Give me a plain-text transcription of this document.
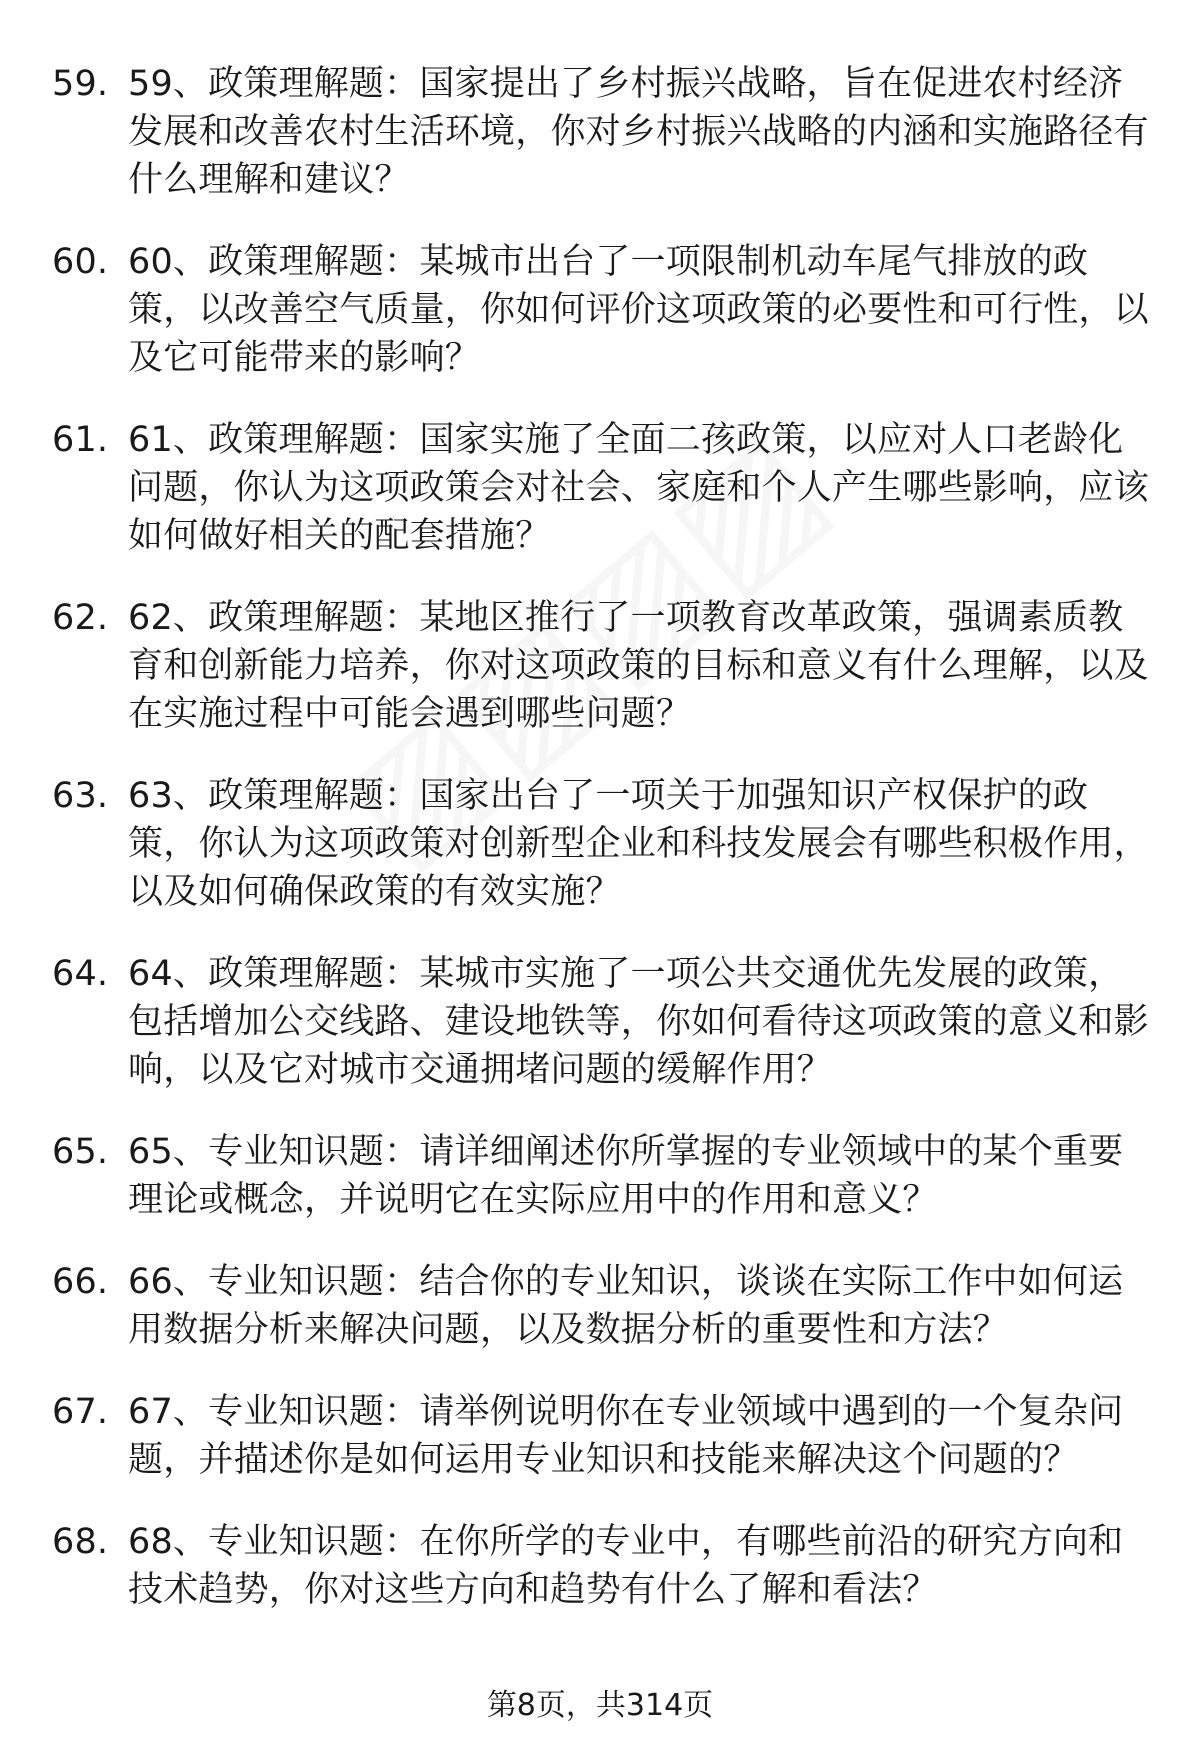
59. 59、政策理解题：国家提出了乡村振兴战略，旨在促进农村经济发展和改善农村生活环境，你对乡村振兴战略的内涵和实施路径有什么理解和建议？
60. 60、政策理解题：某城市出台了一项限制机动车尾气排放的政策，以改善空气质量，你如何评价这项政策的必要性和可行性，以及它可能带来的影响？
61. 61、政策理解题：国家实施了全面二孩政策，以应对人口老龄化问题，你认为这项政策会对社会、家庭和个人产生哪些影响，应该如何做好相关的配套措施？
62. 62、政策理解题：某地区推行了一项教育改革政策，强调素质教育和创新能力培养，你对这项政策的目标和意义有什么理解，以及在实施过程中可能会遇到哪些问题？
63. 63、政策理解题：国家出台了一项关于加强知识产权保护的政策，你认为这项政策对创新型企业和科技发展会有哪些积极作用，以及如何确保政策的有效实施？
64. 64、政策理解题：某城市实施了一项公共交通优先发展的政策，包括增加公交线路、建设地铁等，你如何看待这项政策的意义和影响，以及它对城市交通拥堵问题的缓解作用？
65. 65、专业知识题：请详细阐述你所掌握的专业领域中的某个重要理论或概念，并说明它在实际应用中的作用和意义？
66. 66、专业知识题：结合你的专业知识，谈谈在实际工作中如何运用数据分析来解决问题，以及数据分析的重要性和方法？
67. 67、专业知识题：请举例说明你在专业领域中遇到的一个复杂问题，并描述你是如何运用专业知识和技能来解决这个问题的？
68. 68、专业知识题：在你所学的专业中，有哪些前沿的研究方向和技术趋势，你对这些方向和趋势有什么了解和看法？
第8页，共314页
